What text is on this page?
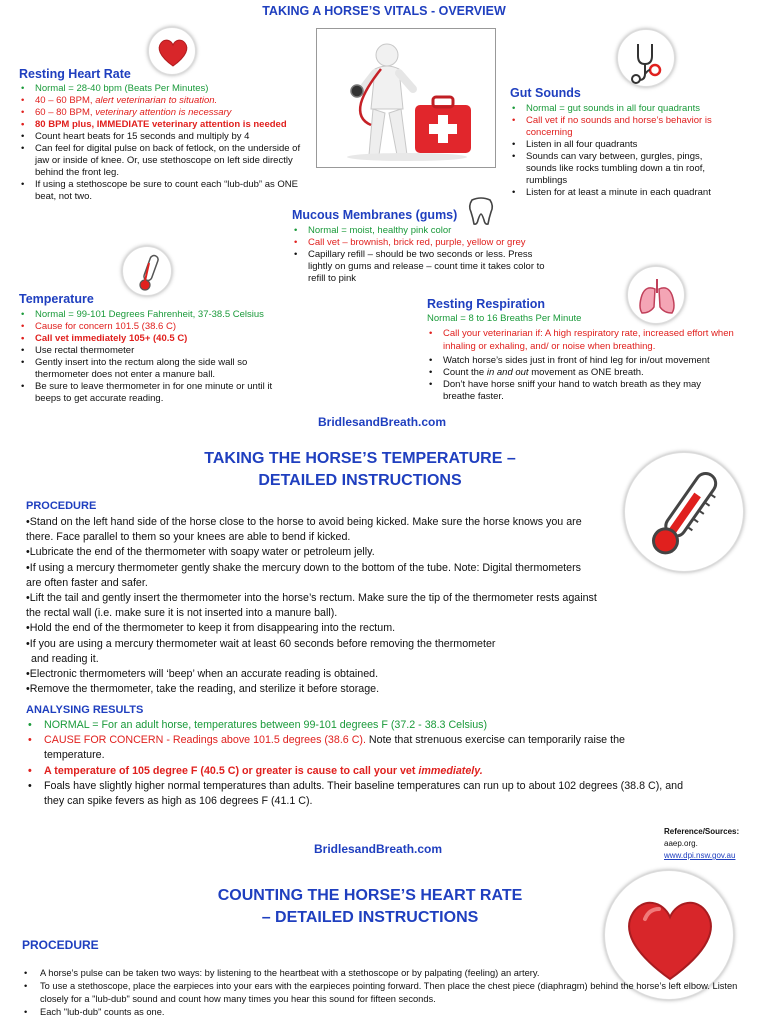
TAKING A HORSE’S VITALS - OVERVIEW
Resting Heart Rate
• Normal = 28-40 bpm (Beats Per Minutes)
• 40 – 60 BPM, alert veterinarian to situation.
• 60 – 80 BPM, veterinary attention is necessary
• 80 BPM plus, IMMEDIATE veterinary attention is needed
• Count heart beats for 15 seconds and multiply by 4
• Can feel for digital pulse on back of fetlock, on the underside of jaw or inside of knee. Or, use stethoscope on left side directly behind the front leg.
• If using a stethoscope be sure to count each “lub-dub” as ONE beat, not two.
Gut Sounds
• Normal = gut sounds in all four quadrants
• Call vet if no sounds and horse’s behavior is concerning
• Listen in all four quadrants
• Sounds can vary between, gurgles, pings, sounds like rocks tumbling down a tin roof, rumblings
• Listen for at least a minute in each quadrant
Mucous Membranes (gums)
• Normal = moist, healthy pink color
• Call vet – brownish, brick red, purple, yellow or grey
• Capillary refill – should be two seconds or less. Press lightly on gums and release – count time it takes color to refill to pink
Temperature
• Normal = 99-101 Degrees Fahrenheit, 37-38.5 Celsius
• Cause for concern 101.5 (38.6 C)
• Call vet immediately 105+ (40.5 C)
• Use rectal thermometer
• Gently insert into the rectum along the side wall so thermometer does not enter a manure ball.
• Be sure to leave thermometer in for one minute or until it beeps to get accurate reading.
Resting Respiration
Normal = 8 to 16 Breaths Per Minute
• Call your veterinarian if: A high respiratory rate, increased effort when inhaling or exhaling, and/ or noise when breathing.
• Watch horse’s sides just in front of hind leg for in/out movement
• Count the in and out movement as ONE breath.
• Don’t have horse sniff your hand to watch breath as they may breathe faster.
BridlesandBreath.com
TAKING THE HORSE’S TEMPERATURE –
DETAILED INSTRUCTIONS
PROCEDURE

•Stand on the left hand side of the horse close to the horse to avoid being kicked. Make sure the horse knows you are there. Face parallel to them so your knees are able to bend if kicked.

•Lubricate the end of the thermometer with soapy water or petroleum jelly.

•If using a mercury thermometer gently shake the mercury down to the bottom of the tube. Note: Digital thermometers are often faster and safer.

•Lift the tail and gently insert the thermometer into the horse’s rectum. Make sure the tip of the thermometer rests against the rectal wall (i.e. make sure it is not inserted into a manure ball).

•Hold the end of the thermometer to keep it from disappearing into the rectum.

•If you are using a mercury thermometer wait at least 60 seconds before removing the thermometer

and reading it.

•Electronic thermometers will ‘beep’ when an accurate reading is obtained.

•Remove the thermometer, take the reading, and sterilize it before storage.

ANALYSING RESULTS
• NORMAL = For an adult horse, temperatures between 99-101 degrees F (37.2 - 38.3 Celsius)
• CAUSE FOR CONCERN - Readings above 101.5 degrees (38.6 C). Note that strenuous exercise can temporarily raise the temperature.
• A temperature of 105 degree F (40.5 C) or greater is cause to call your vet immediately.
• Foals have slightly higher normal temperatures than adults. Their baseline temperatures can run up to about 102 degrees (38.8 C), and they can spike fevers as high as 106 degrees F (41.1 C).
Reference/Sources:
aaep.org.
www.dpi.nsw.gov.au
BridlesandBreath.com
COUNTING THE HORSE’S HEART RATE
– DETAILED INSTRUCTIONS
PROCEDURE
• A horse’s pulse can be taken two ways: by listening to the heartbeat with a stethoscope or by palpating (feeling) an artery.
• To use a stethoscope, place the earpieces into your ears with the earpieces pointing forward. Then place the chest piece (diaphragm) behind the horse’s left elbow. Listen closely for a "lub-dub" sound and count how many times you hear this sound for fifteen seconds.
• Each "lub-dub" counts as one.
